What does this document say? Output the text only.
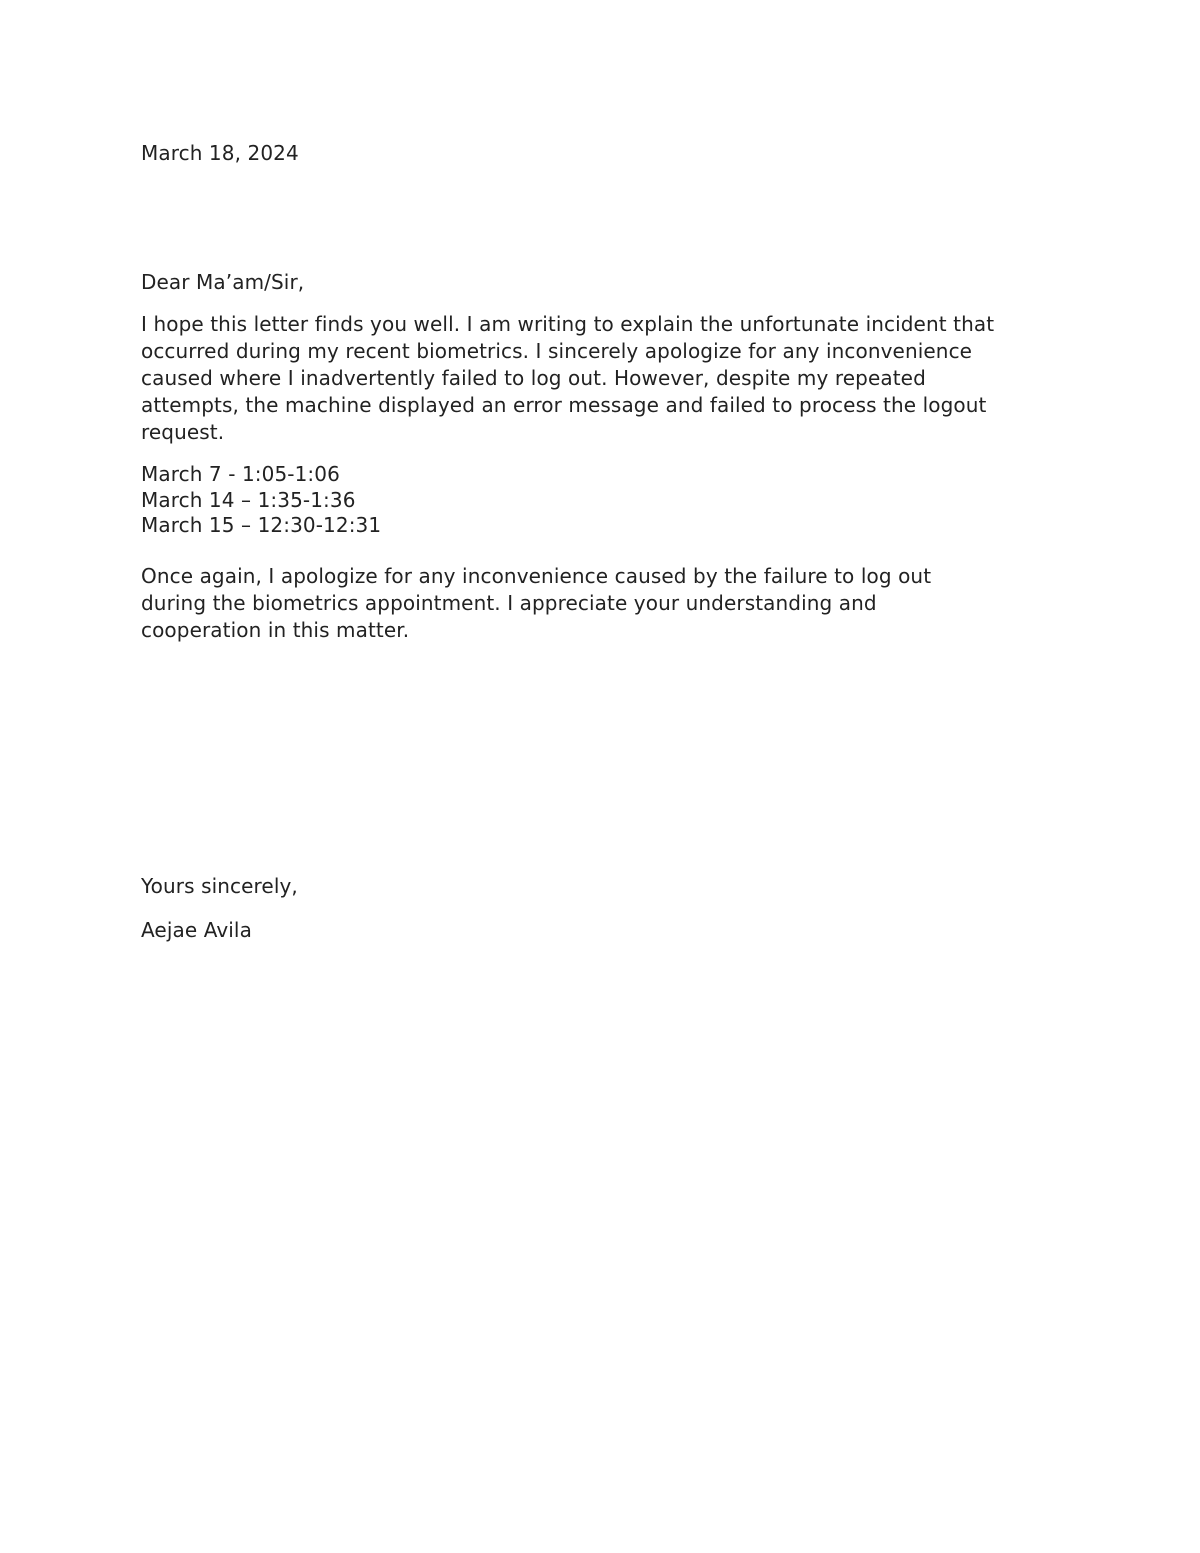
March 18, 2024
Dear Ma’am/Sir,
I hope this letter finds you well. I am writing to explain the unfortunate incident that
occurred during my recent biometrics. I sincerely apologize for any inconvenience
caused where I inadvertently failed to log out. However, despite my repeated
attempts, the machine displayed an error message and failed to process the logout
request.
March 7 - 1:05-1:06
March 14 – 1:35-1:36
March 15 – 12:30-12:31
Once again, I apologize for any inconvenience caused by the failure to log out
during the biometrics appointment. I appreciate your understanding and
cooperation in this matter.
Yours sincerely,
Aejae Avila
